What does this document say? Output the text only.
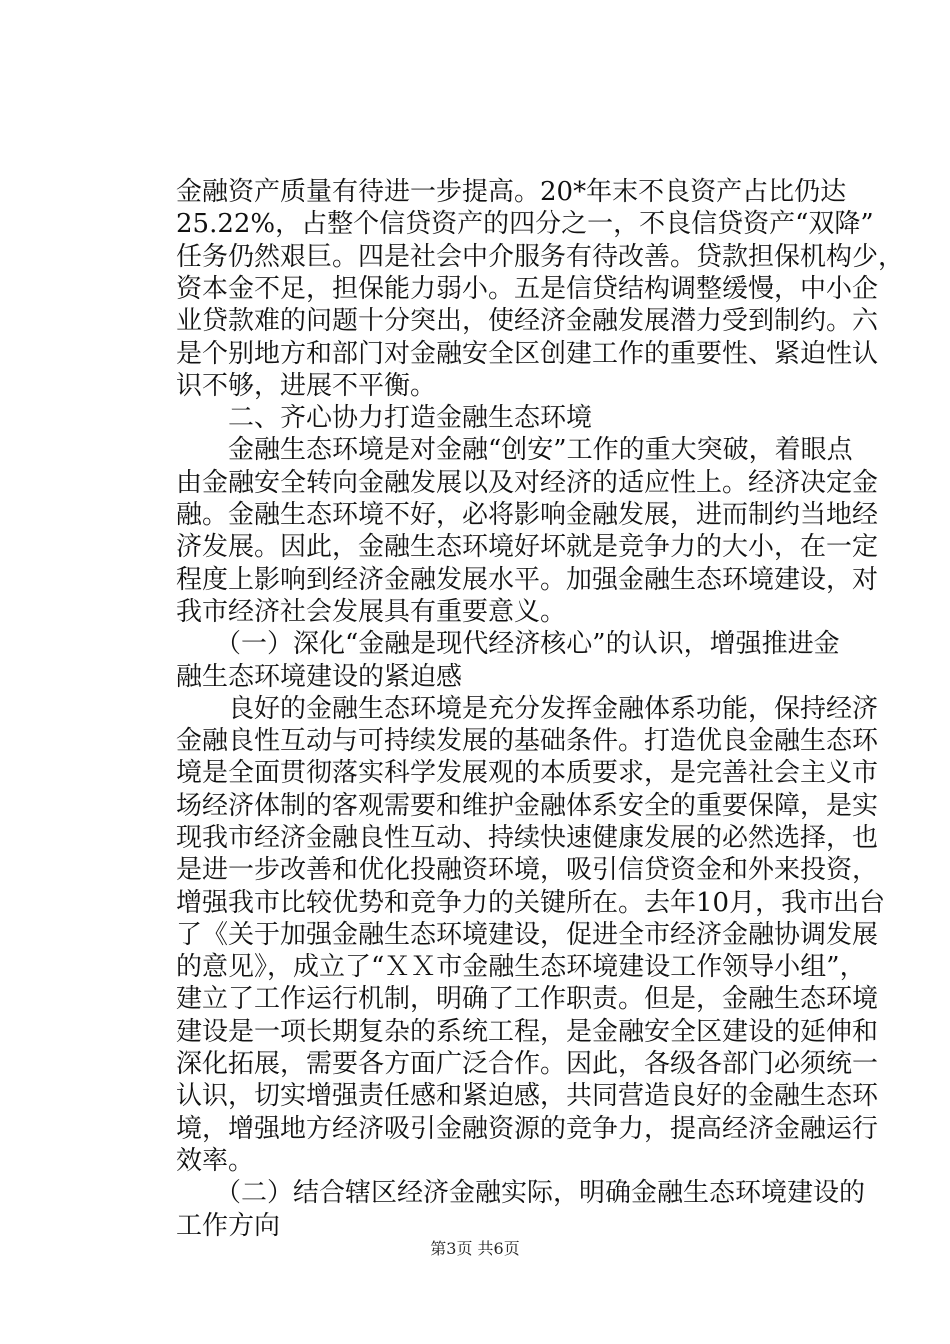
金融资产质量有待进一步提高。20*年末不良资产占比仍达
25.22%，占整个信贷资产的四分之一，不良信贷资产“双降”
任务仍然艰巨。四是社会中介服务有待改善。贷款担保机构少，
资本金不足，担保能力弱小。五是信贷结构调整缓慢，中小企
业贷款难的问题十分突出，使经济金融发展潜力受到制约。六
是个别地方和部门对金融安全区创建工作的重要性、紧迫性认
识不够，进展不平衡。
　　二、齐心协力打造金融生态环境
　　金融生态环境是对金融“创安”工作的重大突破，着眼点
由金融安全转向金融发展以及对经济的适应性上。经济决定金
融。金融生态环境不好，必将影响金融发展，进而制约当地经
济发展。因此，金融生态环境好坏就是竞争力的大小，在一定
程度上影响到经济金融发展水平。加强金融生态环境建设，对
我市经济社会发展具有重要意义。
　　（一）深化“金融是现代经济核心”的认识，增强推进金
融生态环境建设的紧迫感
　　良好的金融生态环境是充分发挥金融体系功能，保持经济
金融良性互动与可持续发展的基础条件。打造优良金融生态环
境是全面贯彻落实科学发展观的本质要求，是完善社会主义市
场经济体制的客观需要和维护金融体系安全的重要保障，是实
现我市经济金融良性互动、持续快速健康发展的必然选择，也
是进一步改善和优化投融资环境，吸引信贷资金和外来投资，
增强我市比较优势和竞争力的关键所在。去年10月，我市出台
了《关于加强金融生态环境建设，促进全市经济金融协调发展
的意见》，成立了“ＸＸ市金融生态环境建设工作领导小组”，
建立了工作运行机制，明确了工作职责。但是，金融生态环境
建设是一项长期复杂的系统工程，是金融安全区建设的延伸和
深化拓展，需要各方面广泛合作。因此，各级各部门必须统一
认识，切实增强责任感和紧迫感，共同营造良好的金融生态环
第3页 共6页
境，增强地方经济吸引金融资源的竞争力，提高经济金融运行
效率。
　　（二）结合辖区经济金融实际，明确金融生态环境建设的
工作方向
